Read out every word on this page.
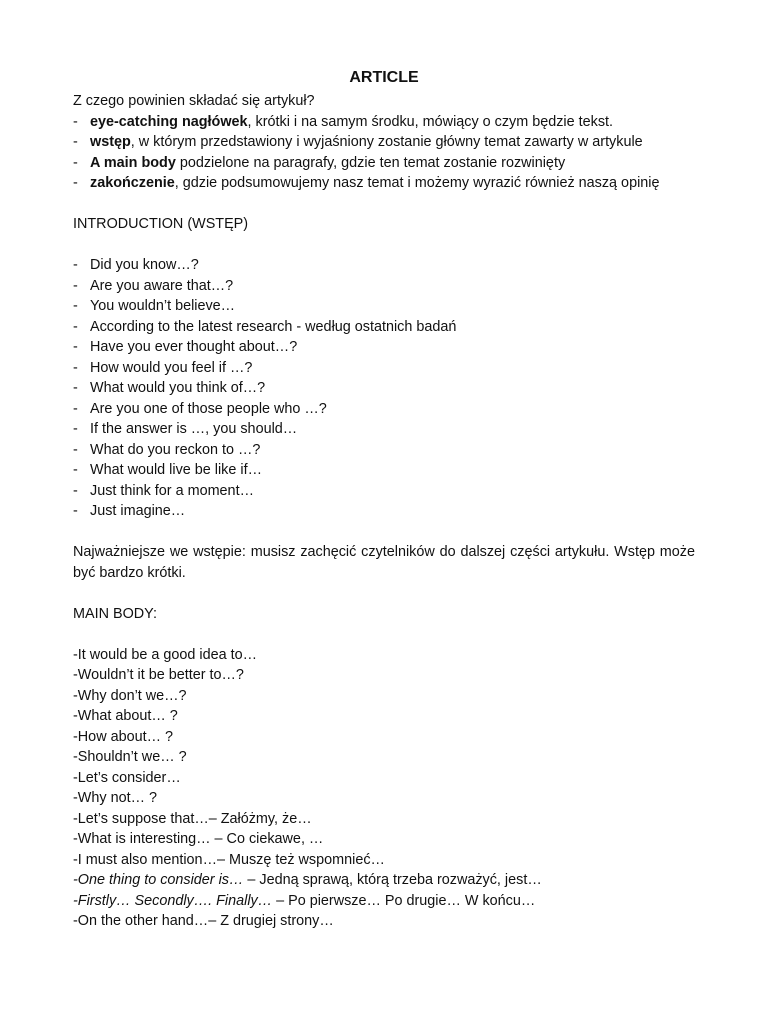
ARTICLE

Z czego powinien składać się artykuł?

- eye-catching nagłówek, krótki i na samym środku, mówiący o czym będzie tekst.
- wstęp, w którym przedstawiony i wyjaśniony zostanie główny temat zawarty w artykule
- A main body podzielone na paragrafy, gdzie ten temat zostanie rozwinięty
- zakończenie, gdzie podsumowujemy nasz temat i możemy wyrazić również naszą opinię

INTRODUCTION (WSTĘP)

- Did you know…?
- Are you aware that…?
- You wouldn’t believe…
- According to the latest research - według ostatnich badań
- Have you ever thought about…?
- How would you feel if …?
- What would you think of…?
- Are you one of those people who …?
- If the answer is …, you should…
- What do you reckon to …?
- What would live be like if…
- Just think for a moment…
- Just imagine…

Najważniejsze we wstępie: musisz zachęcić czytelników do dalszej części artykułu. Wstęp może być bardzo krótki.

MAIN BODY:

-It would be a good idea to…
-Wouldn’t it be better to…?
-Why don’t we…?
-What about… ?
-How about… ?
-Shouldn’t we… ?
-Let’s consider…
-Why not… ?
-Let’s suppose that…– Załóżmy, że…
-What is interesting… – Co ciekawe, …
-I must also mention…– Muszę też wspomnieć…
-One thing to consider is… – Jedną sprawą, którą trzeba rozważyć, jest…
-Firstly… Secondly…. Finally… – Po pierwsze… Po drugie… W końcu…
-On the other hand…– Z drugiej strony…
